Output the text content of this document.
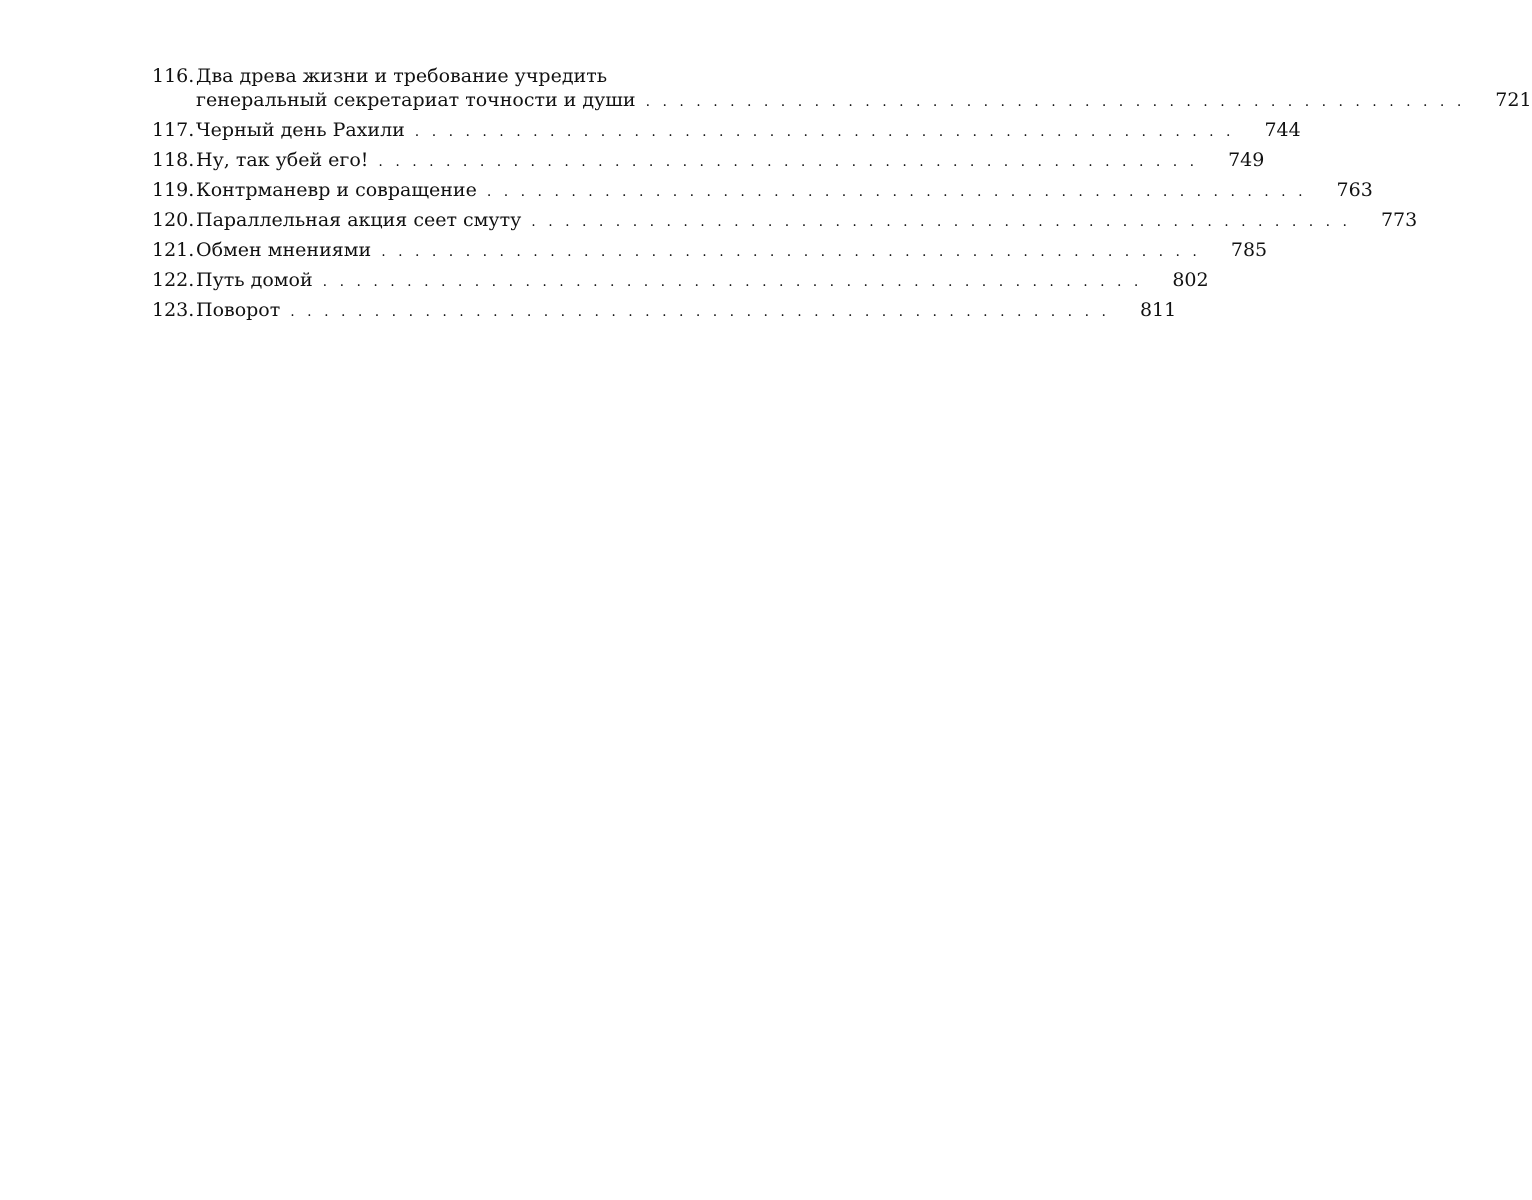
116. Два древа жизни и требование учредить
генеральный секретариат точности и души . . . . . . . . . . . . . . . . . . . . . . . . . . . . . . . . . . . . . . . . . . . . . . . . . 721
117. Черный день Рахили . . . . . . . . . . . . . . . . . . . . . . . . . . . . . . . . . . . . . . . . . . . . . . . . . 744
118. Ну, так убей его! . . . . . . . . . . . . . . . . . . . . . . . . . . . . . . . . . . . . . . . . . . . . . . . . . 749
119. Контрманевр и совращение . . . . . . . . . . . . . . . . . . . . . . . . . . . . . . . . . . . . . . . . . . . . . . . . . 763
120. Параллельная акция сеет смуту . . . . . . . . . . . . . . . . . . . . . . . . . . . . . . . . . . . . . . . . . . . . . . . . . 773
121. Обмен мнениями . . . . . . . . . . . . . . . . . . . . . . . . . . . . . . . . . . . . . . . . . . . . . . . . . 785
122. Путь домой . . . . . . . . . . . . . . . . . . . . . . . . . . . . . . . . . . . . . . . . . . . . . . . . . 802
123. Поворот . . . . . . . . . . . . . . . . . . . . . . . . . . . . . . . . . . . . . . . . . . . . . . . . . 811
